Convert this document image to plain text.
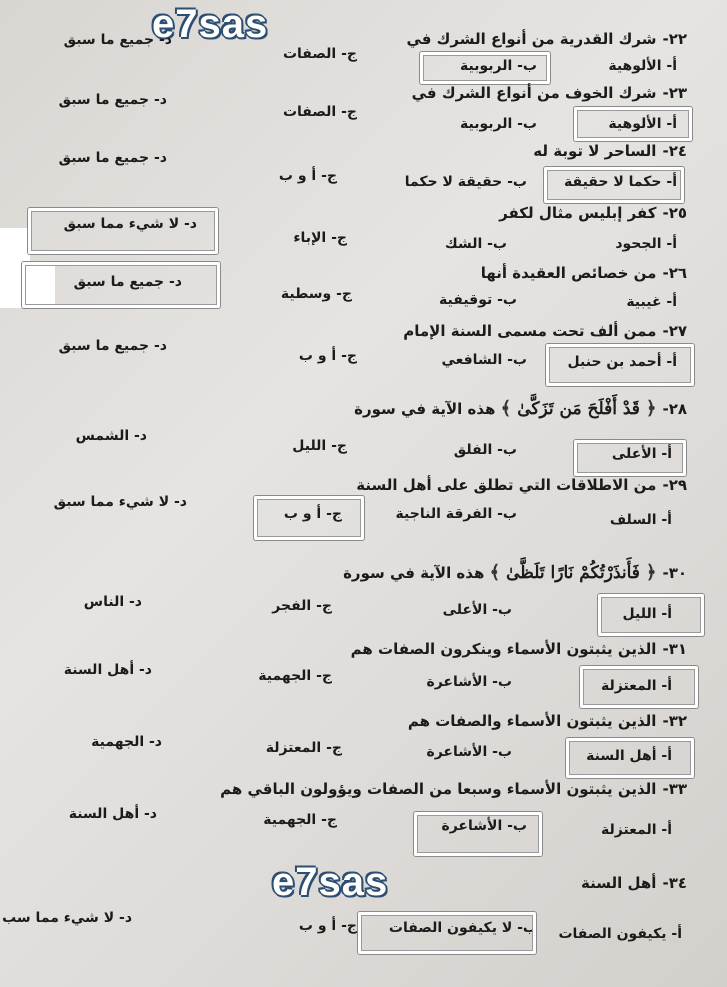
e7sas
e7sas
٢٢-شرك القدرية من أنواع الشرك في
أ- الألوهية
ب- الربوبية
ج- الصفات
د- جميع ما سبق
٢٣-شرك الخوف من أنواع الشرك في
أ- الألوهية
ب- الربوبية
ج- الصفات
د- جميع ما سبق
٢٤-الساحر لا توبة له
أ- حكما لا حقيقة
ب- حقيقة لا حكما
ج- أ و ب
د- جميع ما سبق
٢٥-كفر إبليس مثال لكفر
أ- الجحود
ب- الشك
ج- الإباء
د- لا شيء مما سبق
٢٦-من خصائص العقيدة أنها
أ- غيبية
ب- توقيفية
ج- وسطية
د- جميع ما سبق
٢٧-ممن ألف تحت مسمى السنة الإمام
أ- أحمد بن حنبل
ب- الشافعي
ج- أ و ب
د- جميع ما سبق
٢٨-﴿قَدْ أَفْلَحَ مَن تَزَكَّىٰ﴾ هذه الآية في سورة
أ- الأعلى
ب- الفلق
ج- الليل
د- الشمس
٢٩-من الاطلاقات التي تطلق على أهل السنة
أ- السلف
ب- الفرقة الناجية
ج- أ و ب
د- لا شيء مما سبق
٣٠-﴿فَأَنذَرْتُكُمْ نَارًا تَلَظَّىٰ﴾ هذه الآية في سورة
أ- الليل
ب- الأعلى
ج- الفجر
د- الناس
٣١-الذين يثبتون الأسماء وينكرون الصفات هم
أ- المعتزلة
ب- الأشاعرة
ج- الجهمية
د- أهل السنة
٣٢-الذين يثبتون الأسماء والصفات هم
أ- أهل السنة
ب- الأشاعرة
ج- المعتزلة
د- الجهمية
٣٣-الذين يثبتون الأسماء وسبعا من الصفات ويؤولون الباقي هم
أ- المعتزلة
ب- الأشاعرة
ج- الجهمية
د- أهل السنة
٣٤-أهل السنة
أ- يكيفون الصفات
ب- لا يكيفون الصفات
ج- أ و ب
د- لا شيء مما سب
